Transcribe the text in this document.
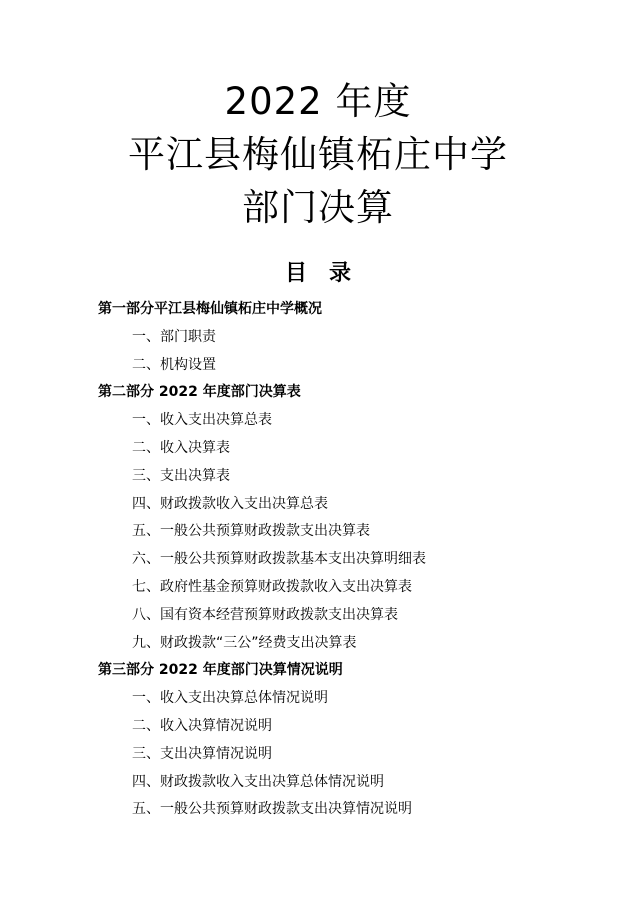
2022 年度
平江县梅仙镇柘庄中学
部门决算
目 录
第一部分平江县梅仙镇柘庄中学概况
一、部门职责
二、机构设置
第二部分 2022 年度部门决算表
一、收入支出决算总表
二、收入决算表
三、支出决算表
四、财政拨款收入支出决算总表
五、一般公共预算财政拨款支出决算表
六、一般公共预算财政拨款基本支出决算明细表
七、政府性基金预算财政拨款收入支出决算表
八、国有资本经营预算财政拨款支出决算表
九、财政拨款“三公”经费支出决算表
第三部分 2022 年度部门决算情况说明
一、收入支出决算总体情况说明
二、收入决算情况说明
三、支出决算情况说明
四、财政拨款收入支出决算总体情况说明
五、一般公共预算财政拨款支出决算情况说明
